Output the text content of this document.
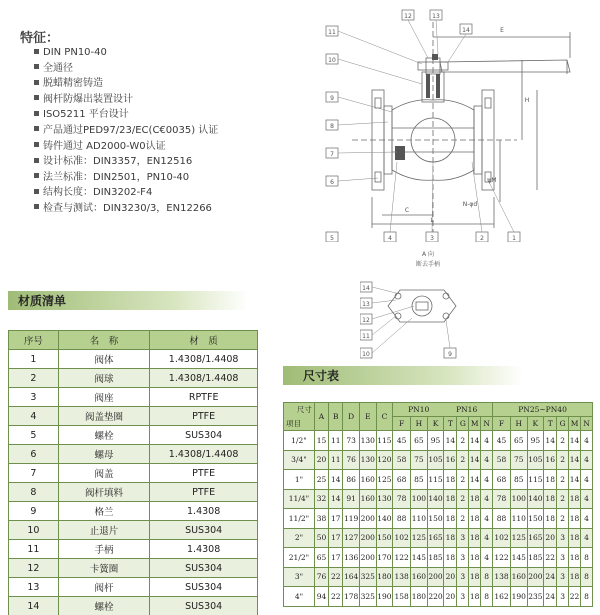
特征：
DIN PN10-40
全通径
脱蜡精密铸造
阀杆防爆出装置设计
ISO5211 平台设计
产品通过PED97/23/EC(C€0035) 认证
铸件通过 AD2000-W0认证
设计标准：DIN3357，EN12516
法兰标准：DIN2501，PN10-40
结构长度：DIN3202-F4
检查与测试：DIN3230/3，EN12266
11
12	13
14
10
9
8
7
6
5	4	3	2	1
E
L
H
C
N-φd
φM
A 向
断去手柄
14
13
12
11
10	9
材质清单
序号	名　称	材　质
1	阀体	1.4308/1.4408
2	阀球	1.4308/1.4408
3	阀座	RPTFE
4	阀盖垫圈	PTFE
5	螺栓	SUS304
6	螺母	1.4308/1.4408
7	阀盖	PTFE
8	阀杆填料	PTFE
9	格兰	1.4308
10	止退片	SUS304
11	手柄	1.4308
12	卡簧圈	SUS304
13	阀杆	SUS304
14	螺栓	SUS304
尺寸表
尺寸
项目	A	B	D	E	C	PN10 PN16							PN25~PN40						
						F	H	K	T	G	M	N	F	H	K	T	G	M	N
1/2"	15	11	73	130	115	45	65	95	14	2	14	4	45	65	95	14	2	14	4
3/4"	20	11	76	130	120	58	75	105	16	2	14	4	58	75	105	16	2	14	4
1"	25	14	86	160	125	68	85	115	18	2	14	4	68	85	115	18	2	14	4
11/4"	32	14	91	160	130	78	100	140	18	2	18	4	78	100	140	18	2	18	4
11/2"	38	17	119	200	140	88	110	150	18	2	18	4	88	110	150	18	2	18	4
2"	50	17	127	200	150	102	125	165	18	3	18	4	102	125	165	20	3	18	4
21/2"	65	17	136	200	170	122	145	185	18	3	18	4	122	145	185	22	3	18	8
3"	76	22	164	325	180	138	160	200	20	3	18	8	138	160	200	24	3	18	8
4"	94	22	178	325	190	158	180	220	20	3	18	8	162	190	235	24	3	22	8
